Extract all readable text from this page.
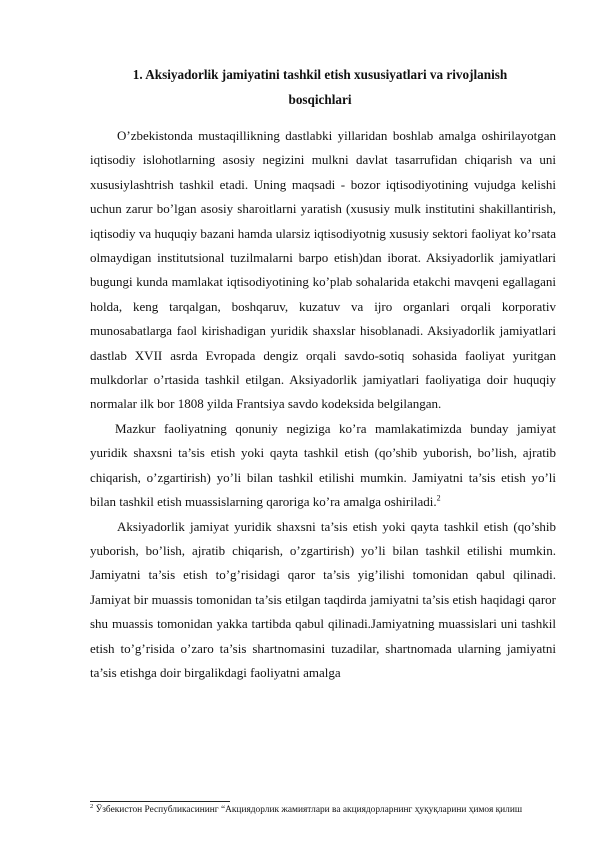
1. Aksiyadorlik jamiyatini tashkil etish xususiyatlari va rivojlanish
bosqichlari

O’zbekistonda mustaqillikning dastlabki yillaridan boshlab amalga oshirilayotgan iqtisodiy islohotlarning asosiy negizini mulkni davlat tasarrufidan chiqarish va uni xususiylashtrish tashkil etadi. Uning maqsadi - bozor iqtisodiyotining vujudga kelishi uchun zarur bo’lgan asosiy sharoitlarni yaratish (xususiy mulk institutini shakillantirish, iqtisodiy va huquqiy bazani hamda ularsiz iqtisodiyotnig xususiy sektori faoliyat ko’rsata olmaydigan institutsional tuzilmalarni barpo etish)dan iborat. Aksiyadorlik jamiyatlari bugungi kunda mamlakat iqtisodiyotining ko’plab sohalarida etakchi mavqeni egallagani holda, keng tarqalgan, boshqaruv, kuzatuv va ijro organlari orqali korporativ munosabatlarga faol kirishadigan yuridik shaxslar hisoblanadi. Aksiyadorlik jamiyatlari dastlab XVII asrda Evropada dengiz orqali savdo-sotiq sohasida faoliyat yuritgan mulkdorlar o’rtasida tashkil etilgan. Aksiyadorlik jamiyatlari faoliyatiga doir huquqiy normalar ilk bor 1808 yilda Frantsiya savdo kodeksida belgilangan.

Mazkur faoliyatning qonuniy negiziga ko’ra mamlakatimizda bunday jamiyat yuridik shaxsni ta’sis etish yoki qayta tashkil etish (qo’shib yuborish, bo’lish, ajratib chiqarish, o’zgartirish) yo’li bilan tashkil etilishi mumkin. Jamiyatni ta’sis etish yo’li bilan tashkil etish muassislarning qaroriga ko’ra amalga oshiriladi.$^2$

Aksiyadorlik jamiyat yuridik shaxsni ta’sis etish yoki qayta tashkil etish (qo’shib yuborish, bo’lish, ajratib chiqarish, o’zgartirish) yo’li bilan tashkil etilishi mumkin. Jamiyatni ta’sis etish to’g’risidagi qaror ta’sis yig’ilishi tomonidan qabul qilinadi. Jamiyat bir muassis tomonidan ta’sis etilgan taqdirda jamiyatni ta’sis etish haqidagi qaror shu muassis tomonidan yakka tartibda qabul qilinadi.Jamiyatning muassislari uni tashkil etish to’g’risida o’zaro ta’sis shartnomasini tuzadilar, shartnomada ularning jamiyatni ta’sis etishga doir birgalikdagi faoliyatni amalga

$^2$ Ўзбекистон Республикасининг “Акциядорлик жамиятлари ва акциядорларнинг ҳуқуқларини ҳимоя қилиш
